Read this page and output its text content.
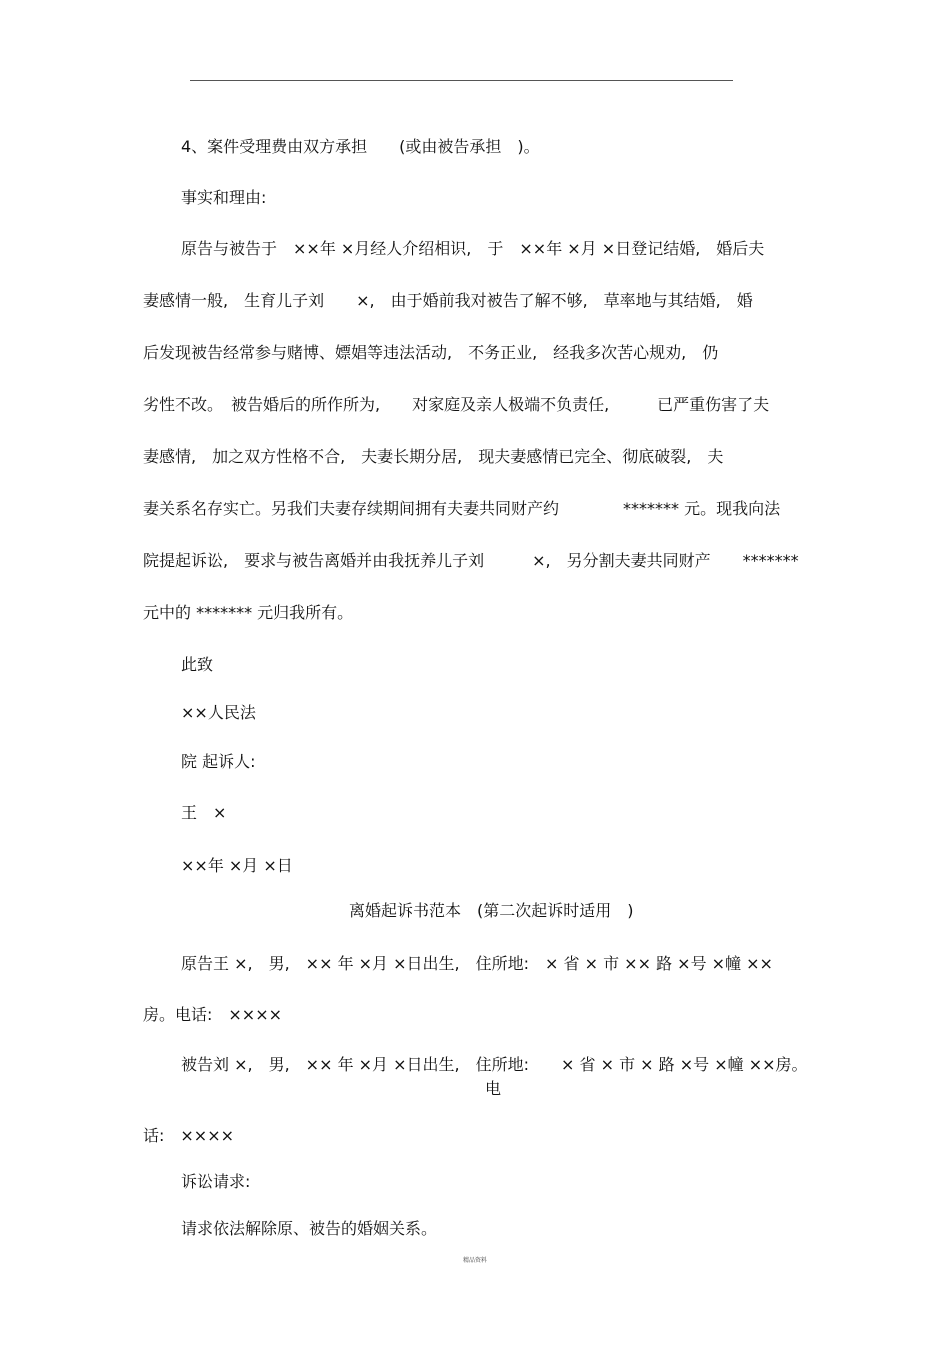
4、案件受理费由双方承担　　(或由被告承担　)。
事实和理由:
原告与被告于　××年 ×月经人介绍相识,　于　××年 ×月 ×日登记结婚,　婚后夫
妻感情一般,　生育儿子刘　　×,　由于婚前我对被告了解不够,　草率地与其结婚,　婚
后发现被告经常参与赌博、嫖娼等违法活动,　不务正业,　经我多次苦心规劝,　仍
劣性不改。　被告婚后的所作所为,　　对家庭及亲人极端不负责任,　　　已严重伤害了夫
妻感情,　加之双方性格不合,　夫妻长期分居,　现夫妻感情已完全、彻底破裂,　夫
妻关系名存实亡。另我们夫妻存续期间拥有夫妻共同财产约　　　　******* 元。现我向法
院提起诉讼,　要求与被告离婚并由我抚养儿子刘　　　×,　另分割夫妻共同财产　　*******
元中的 ******* 元归我所有。
此致
××人民法
院 起诉人:
王　×
××年 ×月 ×日
离婚起诉书范本　(第二次起诉时适用　)
原告王 ×,　男,　×× 年 ×月 ×日出生,　住所地:　× 省 × 市 ×× 路 ×号 ×幢 ××
房。电话:　××××
被告刘 ×,　男,　×× 年 ×月 ×日出生,　住所地:　　× 省 × 市 × 路 ×号 ×幢 ××房。
电
话:　××××
诉讼请求:
请求依法解除原、被告的婚姻关系。
精品资料
